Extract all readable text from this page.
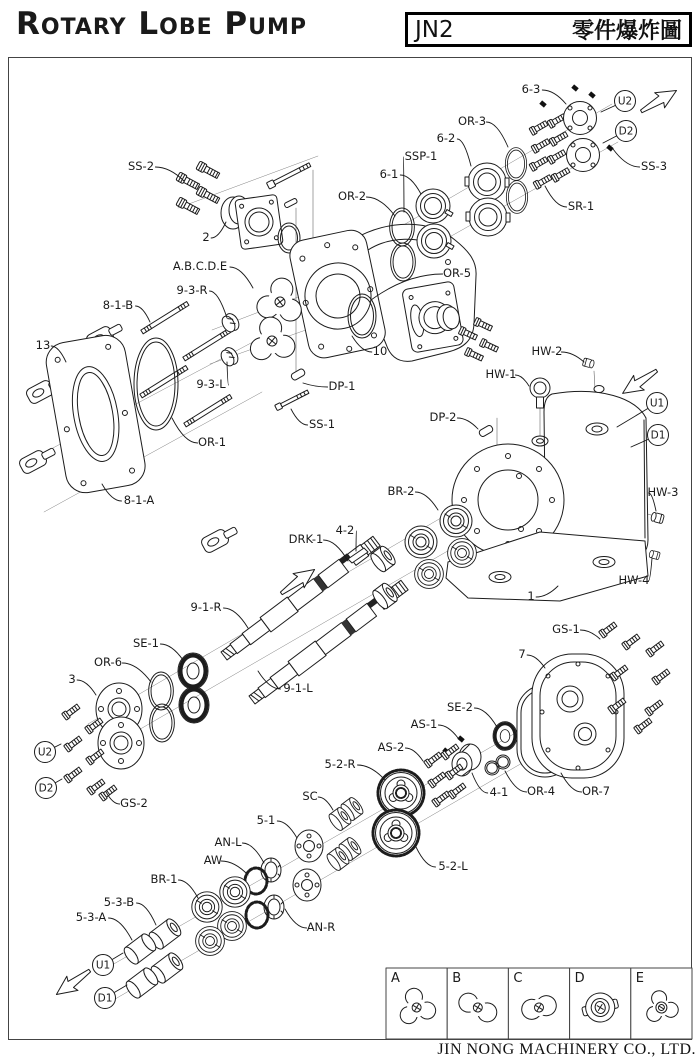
Rotary Lobe Pump	JN2	零件爆炸圖
JIN NONG MACHINERY CO., LTD.
SS-2
2
A.B.C.D.E
9-3-R
8-1-B
13
9-3-L
OR-1
8-1-A
OR-2
6-1
SSP-1
6-2
OR-3
6-3
SS-3
SR-1
OR-5
10
DP-1
SS-1	DP-2
HW-1
HW-2
HW-3
HW-4
1
BR-2
4-2
DRK-1
9-1-R
9-1-L
SE-1
OR-6
3
GS-2
GS-1
7
SE-2
AS-1
AS-2
5-2-R
SC
5-1
AN-L
AW
BR-1
5-3-B
5-3-A
AN-R
5-2-L
4-1 OR-4 OR-7
U2
D2
U1
D1
U2
D2
U1
D1
A	B	C	D	E
